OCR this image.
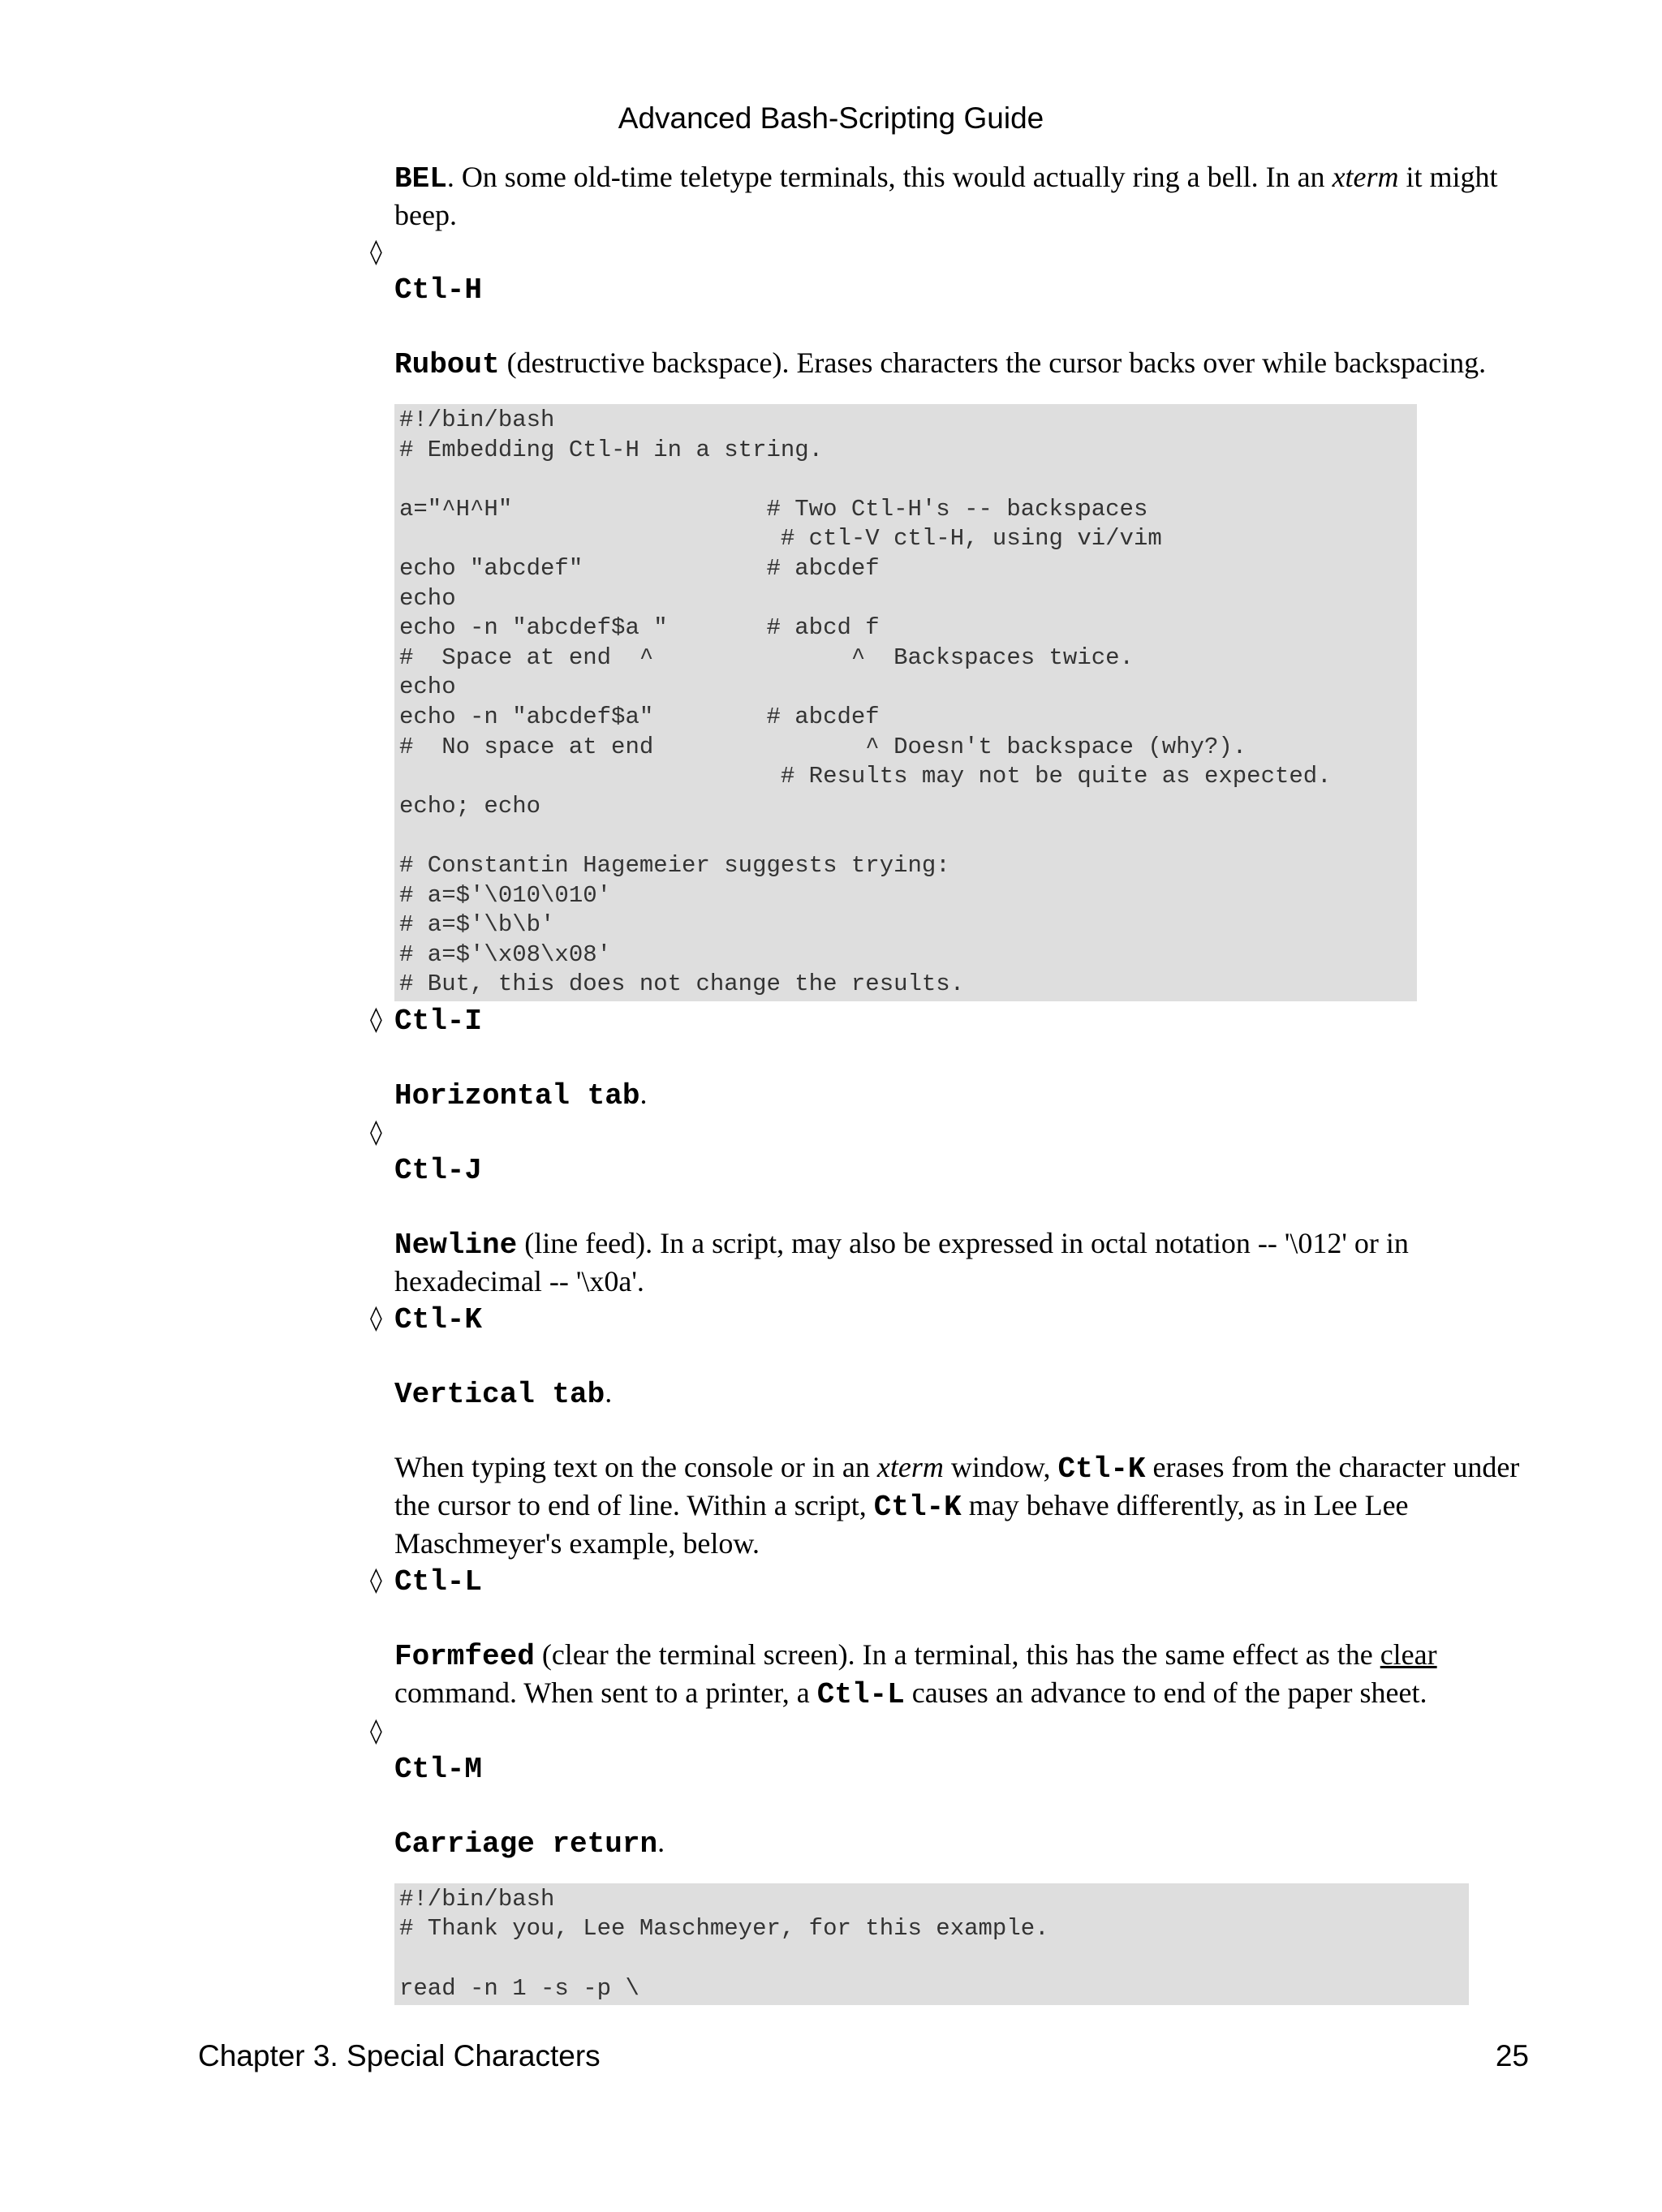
Advanced Bash-Scripting Guide

BEL. On some old-time teletype terminals, this would actually ring a bell. In an xterm it might beep.

◊
Ctl-H

Rubout (destructive backspace). Erases characters the cursor backs over while backspacing.

#!/bin/bash
# Embedding Ctl-H in a string.
a="^H^H"                  # Two Ctl-H's -- backspaces
# ctl-V ctl-H, using vi/vim
echo "abcdef"             # abcdef
echo
echo -n "abcdef$a "       # abcd f
#  Space at end  ^              ^  Backspaces twice.
echo
echo -n "abcdef$a"        # abcdef
#  No space at end               ^ Doesn't backspace (why?).
# Results may not be quite as expected.
echo; echo
# Constantin Hagemeier suggests trying:
# a=$'\010\010'
# a=$'\b\b'
# a=$'\x08\x08'
# But, this does not change the results.
◊ Ctl-I

Horizontal tab.

◊
Ctl-J

Newline (line feed). In a script, may also be expressed in octal notation -- '\012' or in hexadecimal -- '\x0a'.

◊ Ctl-K

Vertical tab.

When typing text on the console or in an xterm window, Ctl-K erases from the character under the cursor to end of line. Within a script, Ctl-K may behave differently, as in Lee Lee Maschmeyer's example, below.

◊ Ctl-L

Formfeed (clear the terminal screen). In a terminal, this has the same effect as the clear command. When sent to a printer, a Ctl-L causes an advance to end of the paper sheet.

◊
Ctl-M

Carriage return.

#!/bin/bash
# Thank you, Lee Maschmeyer, for this example.
read -n 1 -s -p \
Chapter 3. Special Characters	25
